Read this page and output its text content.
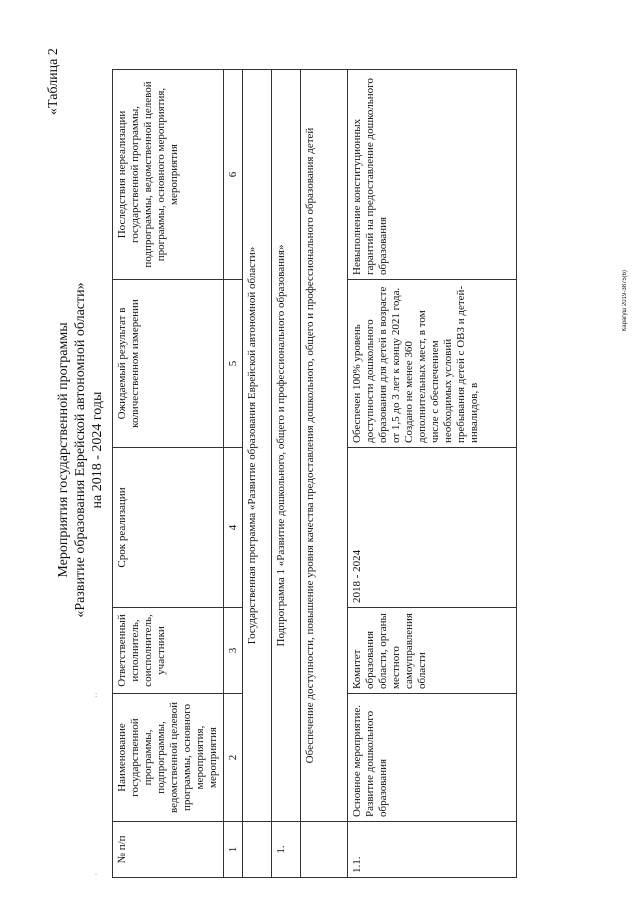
«Таблица 2
Мероприятия государственной программы «Развитие образования Еврейской автономной области» на 2018 - 2024 годы
№ п/п	Наименование государственной программы, подпрограммы, ведомственной целевой программы, основного мероприятия, мероприятия	Ответственный исполнитель, соисполнитель, участники	Срок реализации	Ожидаемый результат в количественном измерении	Последствия нереализации государственной программы, подпрограммы, ведомственной целевой программы, основного мероприятия, мероприятия
1	2	3	4	5	6
	Государственная программа «Развитие образования Еврейской автономной области»				
1.	Подпрограмма 1 «Развитие дошкольного, общего и профессионального образования»				
	Обеспечение доступности, повышение уровня качества предоставления дошкольного, общего и профессионального образования детей				
1.1.	Основное мероприятие. Развитие дошкольного образования	Комитет образования области, органы местного самоуправления области	2018 - 2024	Обеспечен 100% уровень доступности дошкольного образования для детей в возрасте от 1,5 до 3 лет к концу 2021 года. Создано не менее 360 дополнительных мест, в том числе с обеспечением необходимых условий пребывания детей с ОВЗ и детей-инвалидов, в	Невыполнение конституционных гарантий на предоставление дошкольного образования
Карагуш 2019-3875(6)
:
.
